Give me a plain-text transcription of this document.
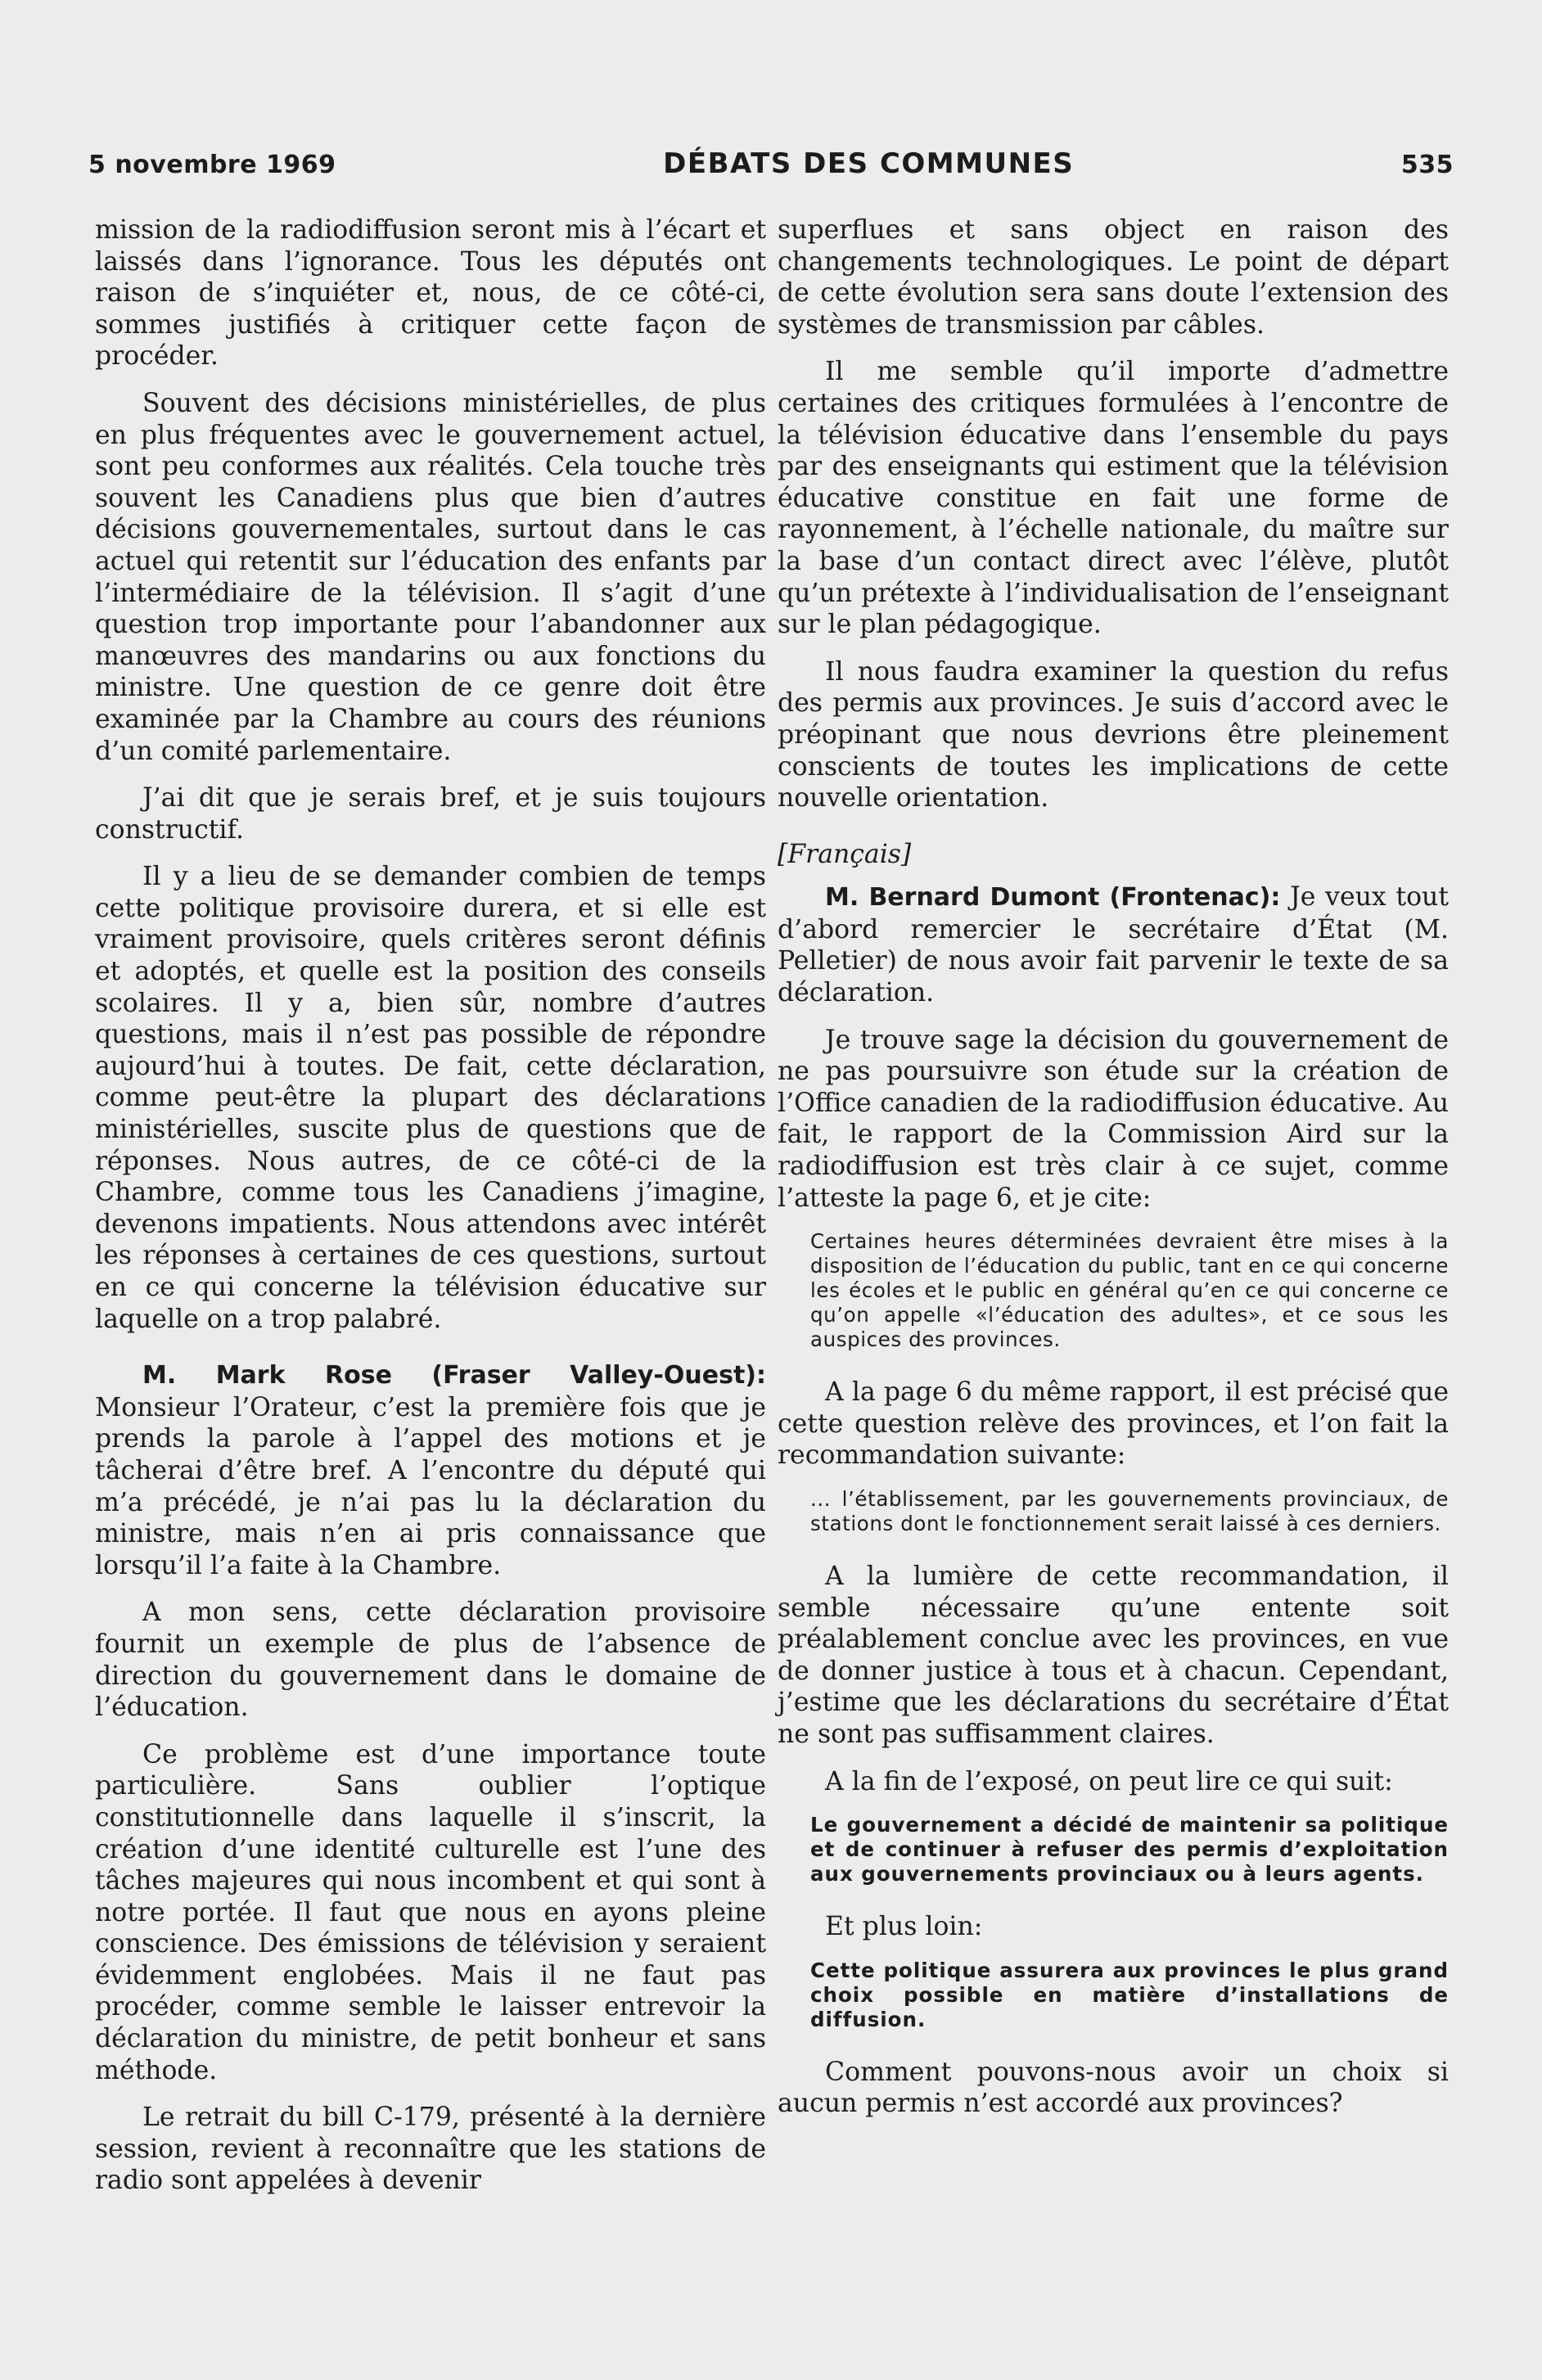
5 novembre 1969	DÉBATS DES COMMUNES	535

mission de la radiodiffusion seront mis à l’écart et laissés dans l’ignorance. Tous les députés ont raison de s’inquiéter et, nous, de ce côté-ci, sommes justifiés à critiquer cette façon de procéder.

Souvent des décisions ministérielles, de plus en plus fréquentes avec le gouvernement actuel, sont peu conformes aux réalités. Cela touche très souvent les Canadiens plus que bien d’autres décisions gouvernementales, surtout dans le cas actuel qui retentit sur l’éducation des enfants par l’intermédiaire de la télévision. Il s’agit d’une question trop importante pour l’abandonner aux manœuvres des mandarins ou aux fonctions du ministre. Une question de ce genre doit être examinée par la Chambre au cours des réunions d’un comité parlementaire.

J’ai dit que je serais bref, et je suis toujours constructif.

Il y a lieu de se demander combien de temps cette politique provisoire durera, et si elle est vraiment provisoire, quels critères seront définis et adoptés, et quelle est la position des conseils scolaires. Il y a, bien sûr, nombre d’autres questions, mais il n’est pas possible de répondre aujourd’hui à toutes. De fait, cette déclaration, comme peut-être la plupart des déclarations ministérielles, suscite plus de questions que de réponses. Nous autres, de ce côté-ci de la Chambre, comme tous les Canadiens j’imagine, devenons impatients. Nous attendons avec intérêt les réponses à certaines de ces questions, surtout en ce qui concerne la télévision éducative sur laquelle on a trop palabré.

M. Mark Rose (Fraser Valley-Ouest): Monsieur l’Orateur, c’est la première fois que je prends la parole à l’appel des motions et je tâcherai d’être bref. A l’encontre du député qui m’a précédé, je n’ai pas lu la déclaration du ministre, mais n’en ai pris connaissance que lorsqu’il l’a faite à la Chambre.

A mon sens, cette déclaration provisoire fournit un exemple de plus de l’absence de direction du gouvernement dans le domaine de l’éducation.

Ce problème est d’une importance toute particulière. Sans oublier l’optique constitutionnelle dans laquelle il s’inscrit, la création d’une identité culturelle est l’une des tâches majeures qui nous incombent et qui sont à notre portée. Il faut que nous en ayons pleine conscience. Des émissions de télévision y seraient évidemment englobées. Mais il ne faut pas procéder, comme semble le laisser entrevoir la déclaration du ministre, de petit bonheur et sans méthode.

Le retrait du bill C-179, présenté à la dernière session, revient à reconnaître que les stations de radio sont appelées à devenir

superflues et sans object en raison des changements technologiques. Le point de départ de cette évolution sera sans doute l’extension des systèmes de transmission par câbles.

Il me semble qu’il importe d’admettre certaines des critiques formulées à l’encontre de la télévision éducative dans l’ensemble du pays par des enseignants qui estiment que la télévision éducative constitue en fait une forme de rayonnement, à l’échelle nationale, du maître sur la base d’un contact direct avec l’élève, plutôt qu’un prétexte à l’individualisation de l’enseignant sur le plan pédagogique.

Il nous faudra examiner la question du refus des permis aux provinces. Je suis d’accord avec le préopinant que nous devrions être pleinement conscients de toutes les implications de cette nouvelle orientation.

[Français]

M. Bernard Dumont (Frontenac): Je veux tout d’abord remercier le secrétaire d’État (M. Pelletier) de nous avoir fait parvenir le texte de sa déclaration.

Je trouve sage la décision du gouvernement de ne pas poursuivre son étude sur la création de l’Office canadien de la radiodiffusion éducative. Au fait, le rapport de la Commission Aird sur la radiodiffusion est très clair à ce sujet, comme l’atteste la page 6, et je cite:

Certaines heures déterminées devraient être mises à la disposition de l’éducation du public, tant en ce qui concerne les écoles et le public en général qu’en ce qui concerne ce qu’on appelle «l’éducation des adultes», et ce sous les auspices des provinces.

A la page 6 du même rapport, il est précisé que cette question relève des provinces, et l’on fait la recommandation suivante:

... l’établissement, par les gouvernements provinciaux, de stations dont le fonctionnement serait laissé à ces derniers.

A la lumière de cette recommandation, il semble nécessaire qu’une entente soit préalablement conclue avec les provinces, en vue de donner justice à tous et à chacun. Cependant, j’estime que les déclarations du secrétaire d’État ne sont pas suffisamment claires.

A la fin de l’exposé, on peut lire ce qui suit:

Le gouvernement a décidé de maintenir sa politique et de continuer à refuser des permis d’exploitation aux gouvernements provinciaux ou à leurs agents.

Et plus loin:

Cette politique assurera aux provinces le plus grand choix possible en matière d’installations de diffusion.

Comment pouvons-nous avoir un choix si aucun permis n’est accordé aux provinces?
